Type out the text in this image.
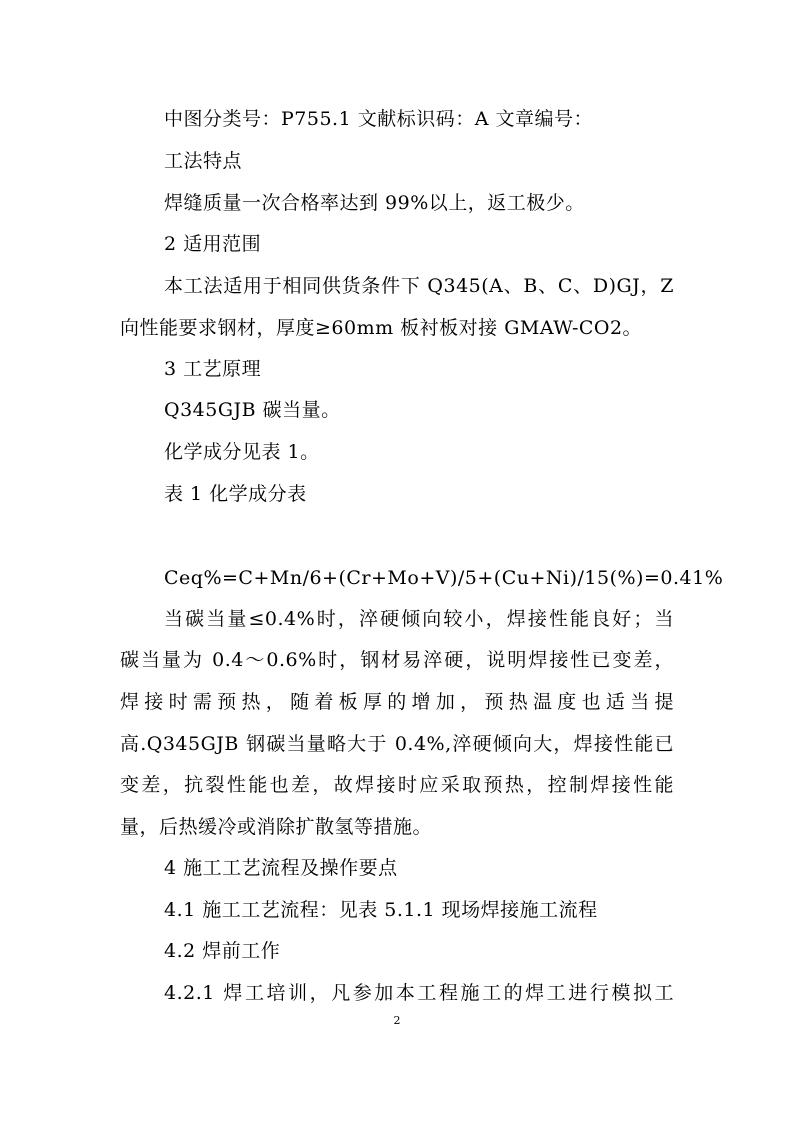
中图分类号：P755.1 文献标识码：A 文章编号：
工法特点
焊缝质量一次合格率达到 99%以上，返工极少。
2 适用范围
本工法适用于相同供货条件下 Q345(A、B、C、D)GJ，Z
向性能要求钢材，厚度≥60mm 板衬板对接 GMAW-CO2。
3 工艺原理
Q345GJB 碳当量。
化学成分见表 1。
表 1 化学成分表
Ceq%=C+Mn/6+(Cr+Mo+V)/5+(Cu+Ni)/15(%)=0.41%
当碳当量≤0.4%时，淬硬倾向较小，焊接性能良好；当
碳当量为 0.4～0.6%时，钢材易淬硬，说明焊接性已变差，
焊接时需预热，随着板厚的增加，预热温度也适当提
高.Q345GJB 钢碳当量略大于 0.4%,淬硬倾向大，焊接性能已
变差，抗裂性能也差，故焊接时应采取预热，控制焊接性能
量，后热缓冷或消除扩散氢等措施。
4 施工工艺流程及操作要点
4.1 施工工艺流程：见表 5.1.1 现场焊接施工流程
4.2 焊前工作
4.2.1 焊工培训，凡参加本工程施工的焊工进行模拟工
2
